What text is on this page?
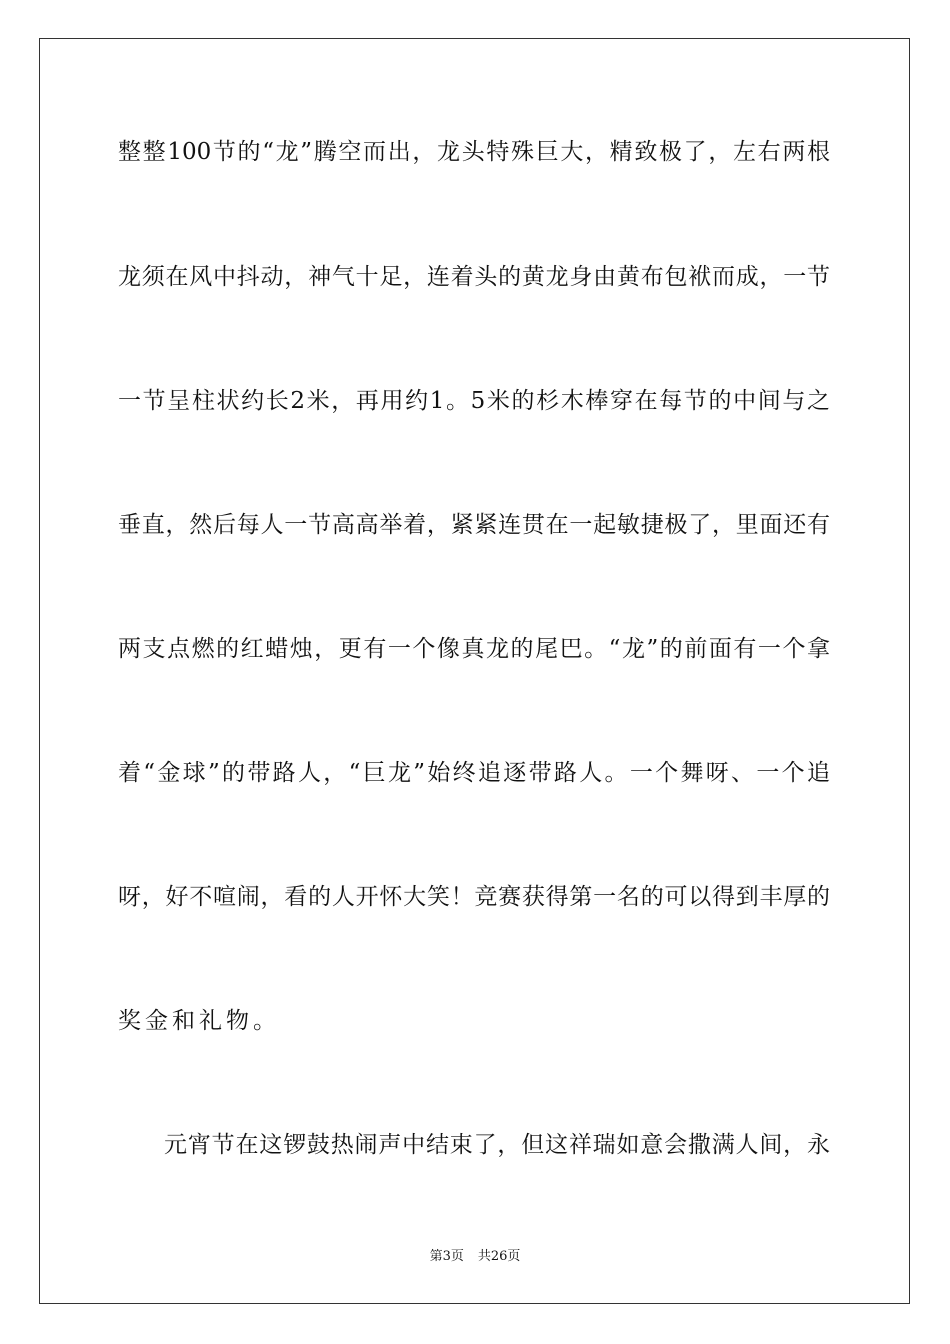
整整100节的“龙”腾空而出，龙头特殊巨大，精致极了，左右两根
龙须在风中抖动，神气十足，连着头的黄龙身由黄布包袱而成，一节
一节呈柱状约长2米，再用约1。5米的杉木棒穿在每节的中间与之
垂直，然后每人一节高高举着，紧紧连贯在一起敏捷极了，里面还有
两支点燃的红蜡烛，更有一个像真龙的尾巴。“龙”的前面有一个拿
着“金球”的带路人，“巨龙”始终追逐带路人。一个舞呀、一个追
呀，好不喧闹，看的人开怀大笑！竞赛获得第一名的可以得到丰厚的
奖金和礼物。
元宵节在这锣鼓热闹声中结束了，但这祥瑞如意会撒满人间，永
第3页 共26页
